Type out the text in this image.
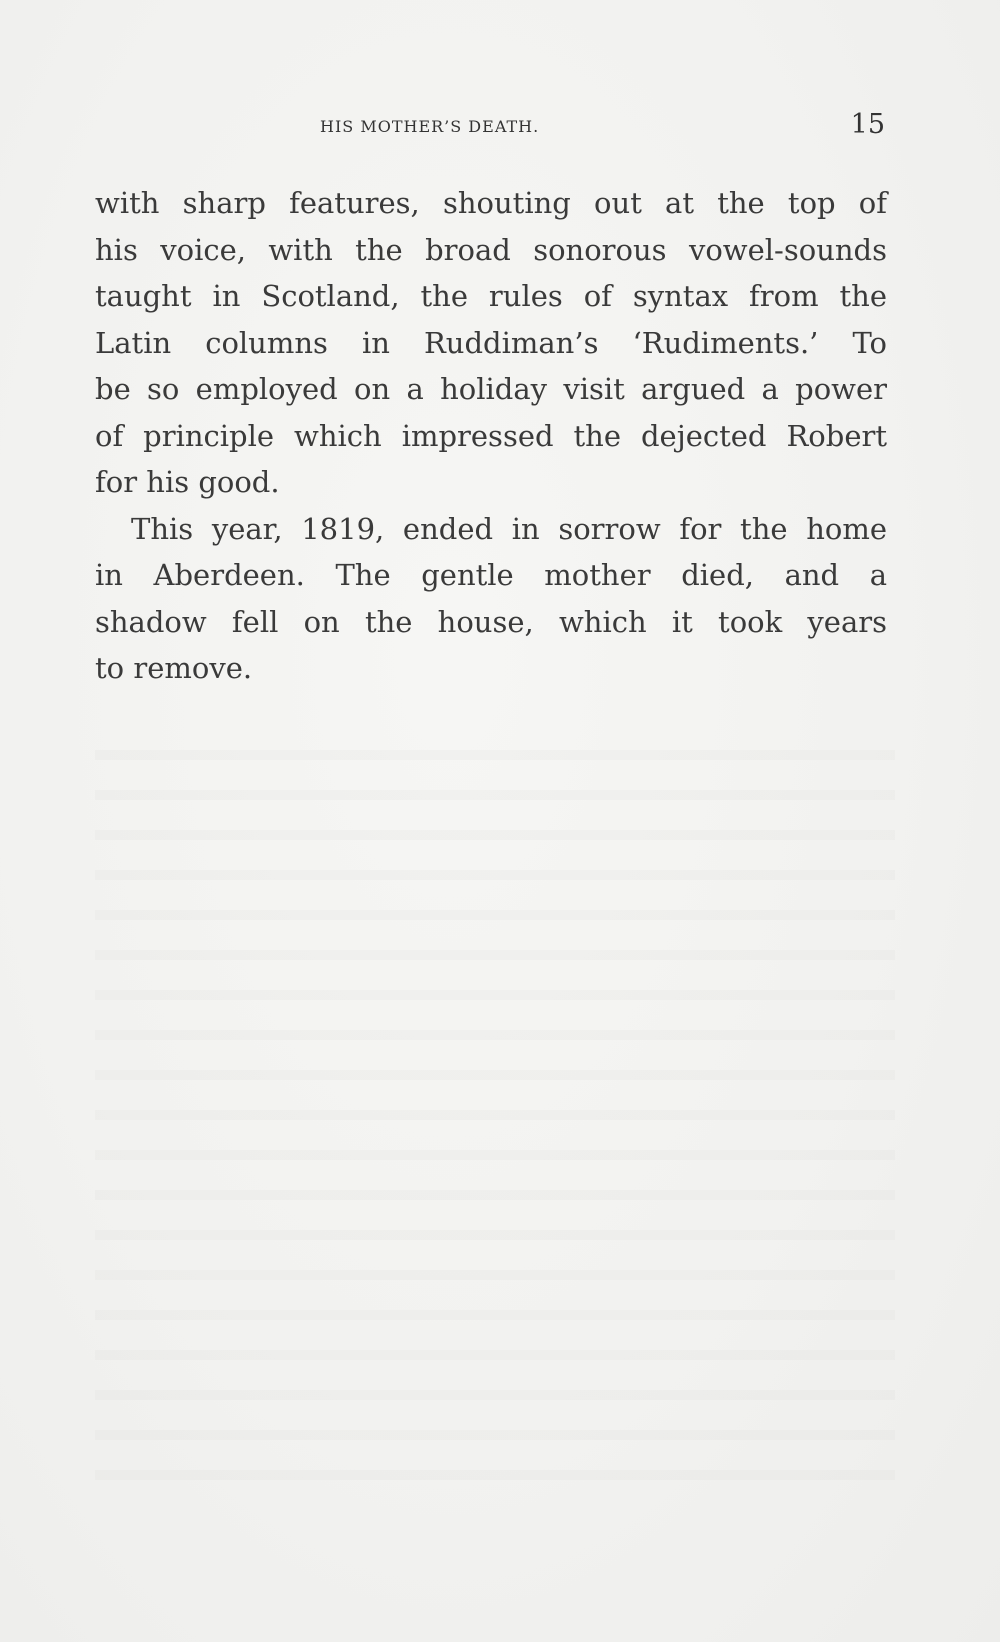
his mother’s death.	15

with sharp features, shouting out at the top of
his voice, with the broad sonorous vowel-sounds
taught in Scotland, the rules of syntax from the
Latin columns in Ruddiman’s ‘Rudiments.’ To
be so employed on a holiday visit argued a power
of principle which impressed the dejected Robert
for his good.

This year, 1819, ended in sorrow for the home
in Aberdeen. The gentle mother died, and a
shadow fell on the house, which it took years
to remove.
